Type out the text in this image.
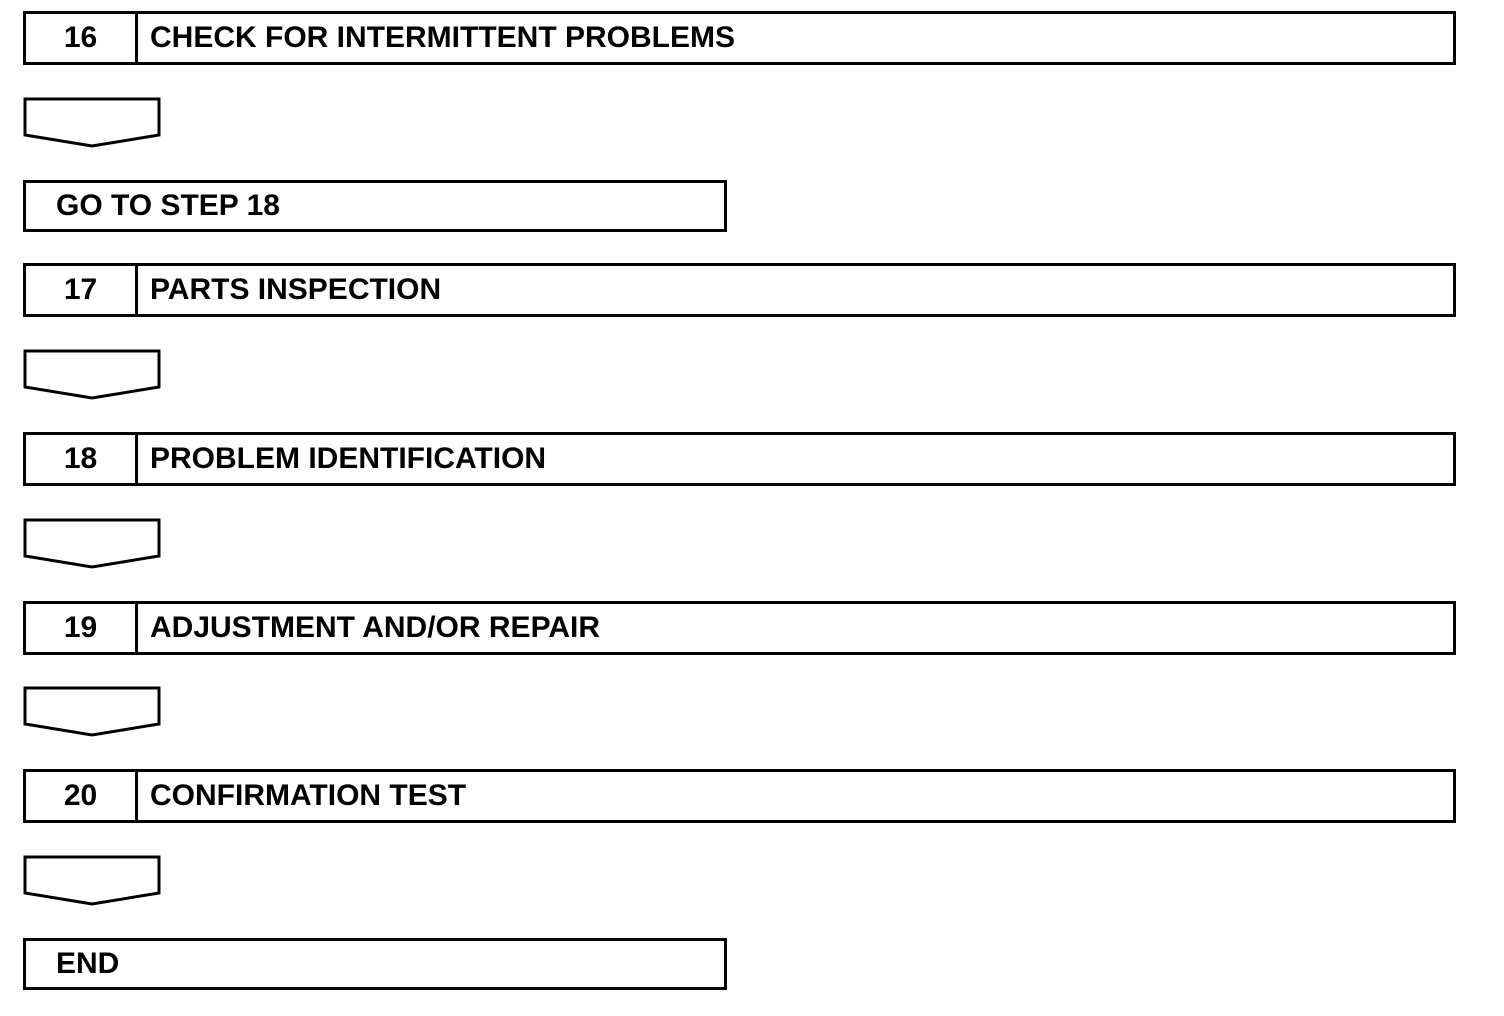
16	CHECK FOR INTERMITTENT PROBLEMS
GO TO STEP 18
17	PARTS INSPECTION
18	PROBLEM IDENTIFICATION
19	ADJUSTMENT AND/OR REPAIR
20	CONFIRMATION TEST
END
